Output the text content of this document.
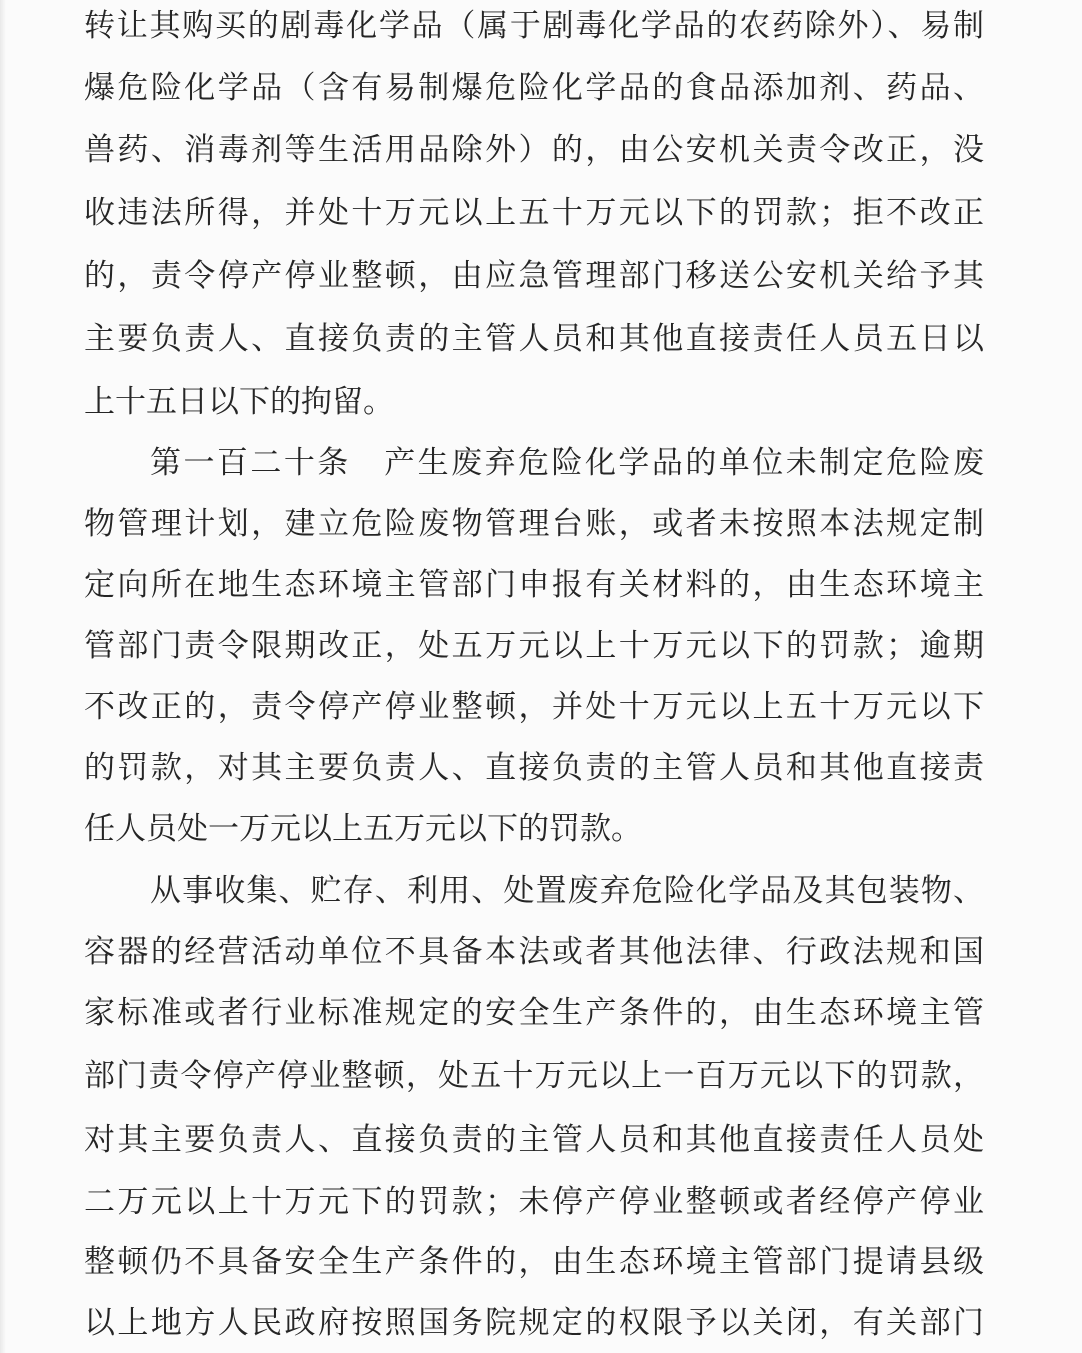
转让其购买的剧毒化学品（属于剧毒化学品的农药除外）、易制
爆危险化学品（含有易制爆危险化学品的食品添加剂、药品、
兽药、消毒剂等生活用品除外）的，由公安机关责令改正，没
收违法所得，并处十万元以上五十万元以下的罚款；拒不改正
的，责令停产停业整顿，由应急管理部门移送公安机关给予其
主要负责人、直接负责的主管人员和其他直接责任人员五日以
上十五日以下的拘留。
第一百二十条　产生废弃危险化学品的单位未制定危险废
物管理计划，建立危险废物管理台账，或者未按照本法规定制
定向所在地生态环境主管部门申报有关材料的，由生态环境主
管部门责令限期改正，处五万元以上十万元以下的罚款；逾期
不改正的，责令停产停业整顿，并处十万元以上五十万元以下
的罚款，对其主要负责人、直接负责的主管人员和其他直接责
任人员处一万元以上五万元以下的罚款。
从事收集、贮存、利用、处置废弃危险化学品及其包装物、
容器的经营活动单位不具备本法或者其他法律、行政法规和国
家标准或者行业标准规定的安全生产条件的，由生态环境主管
部门责令停产停业整顿，处五十万元以上一百万元以下的罚款，
对其主要负责人、直接负责的主管人员和其他直接责任人员处
二万元以上十万元下的罚款；未停产停业整顿或者经停产停业
整顿仍不具备安全生产条件的，由生态环境主管部门提请县级
以上地方人民政府按照国务院规定的权限予以关闭，有关部门
